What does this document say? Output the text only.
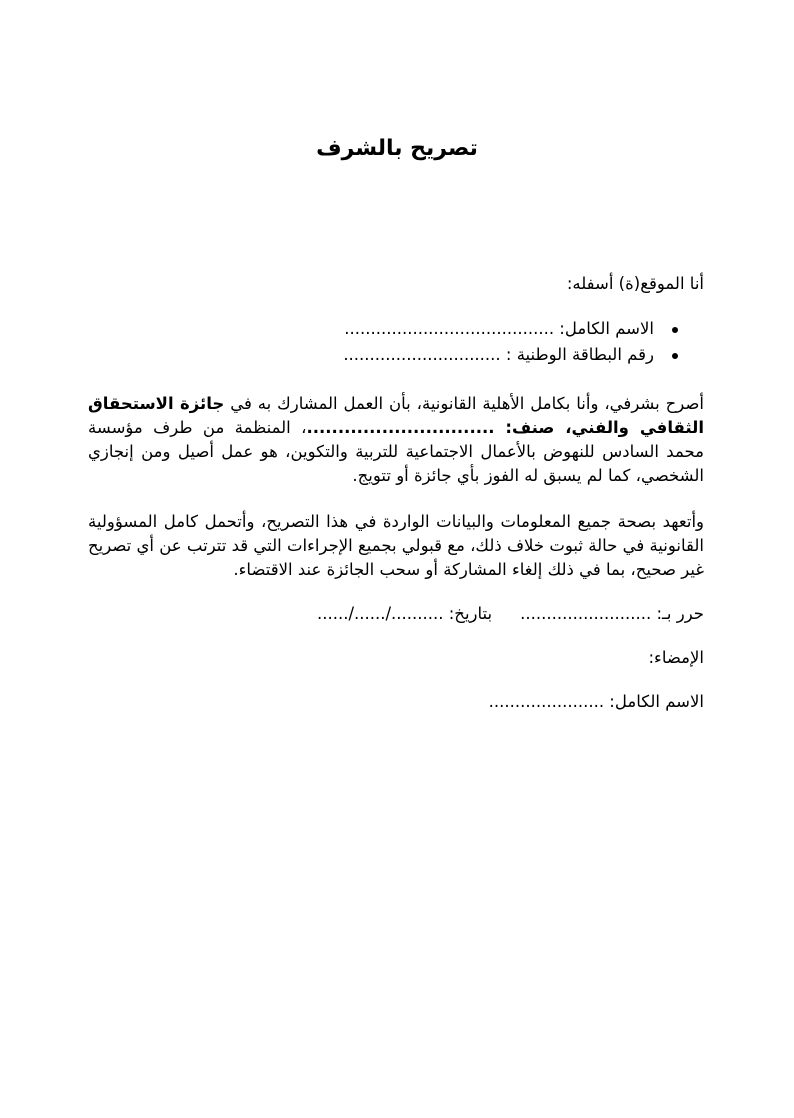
تصريح بالشرف
أنا الموقع(ة) أسفله:
الاسم الكامل: ........................................
رقم البطاقة الوطنية : ..............................
أصرح بشرفي، وأنا بكامل الأهلية القانونية، بأن العمل المشارك به في جائزة الاستحقاق الثقافي والفني، صنف: ..............................، المنظمة من طرف مؤسسة محمد السادس للنهوض بالأعمال الاجتماعية للتربية والتكوين، هو عمل أصيل ومن إنجازي الشخصي، كما لم يسبق له الفوز بأي جائزة أو تتويج.
وأتعهد بصحة جميع المعلومات والبيانات الواردة في هذا التصريح، وأتحمل كامل المسؤولية القانونية في حالة ثبوت خلاف ذلك، مع قبولي بجميع الإجراءات التي قد تترتب عن أي تصريح غير صحيح، بما في ذلك إلغاء المشاركة أو سحب الجائزة عند الاقتضاء.
حرر بـ: .........................بتاريخ: ........../....../......
الإمضاء:
الاسم الكامل: ......................
